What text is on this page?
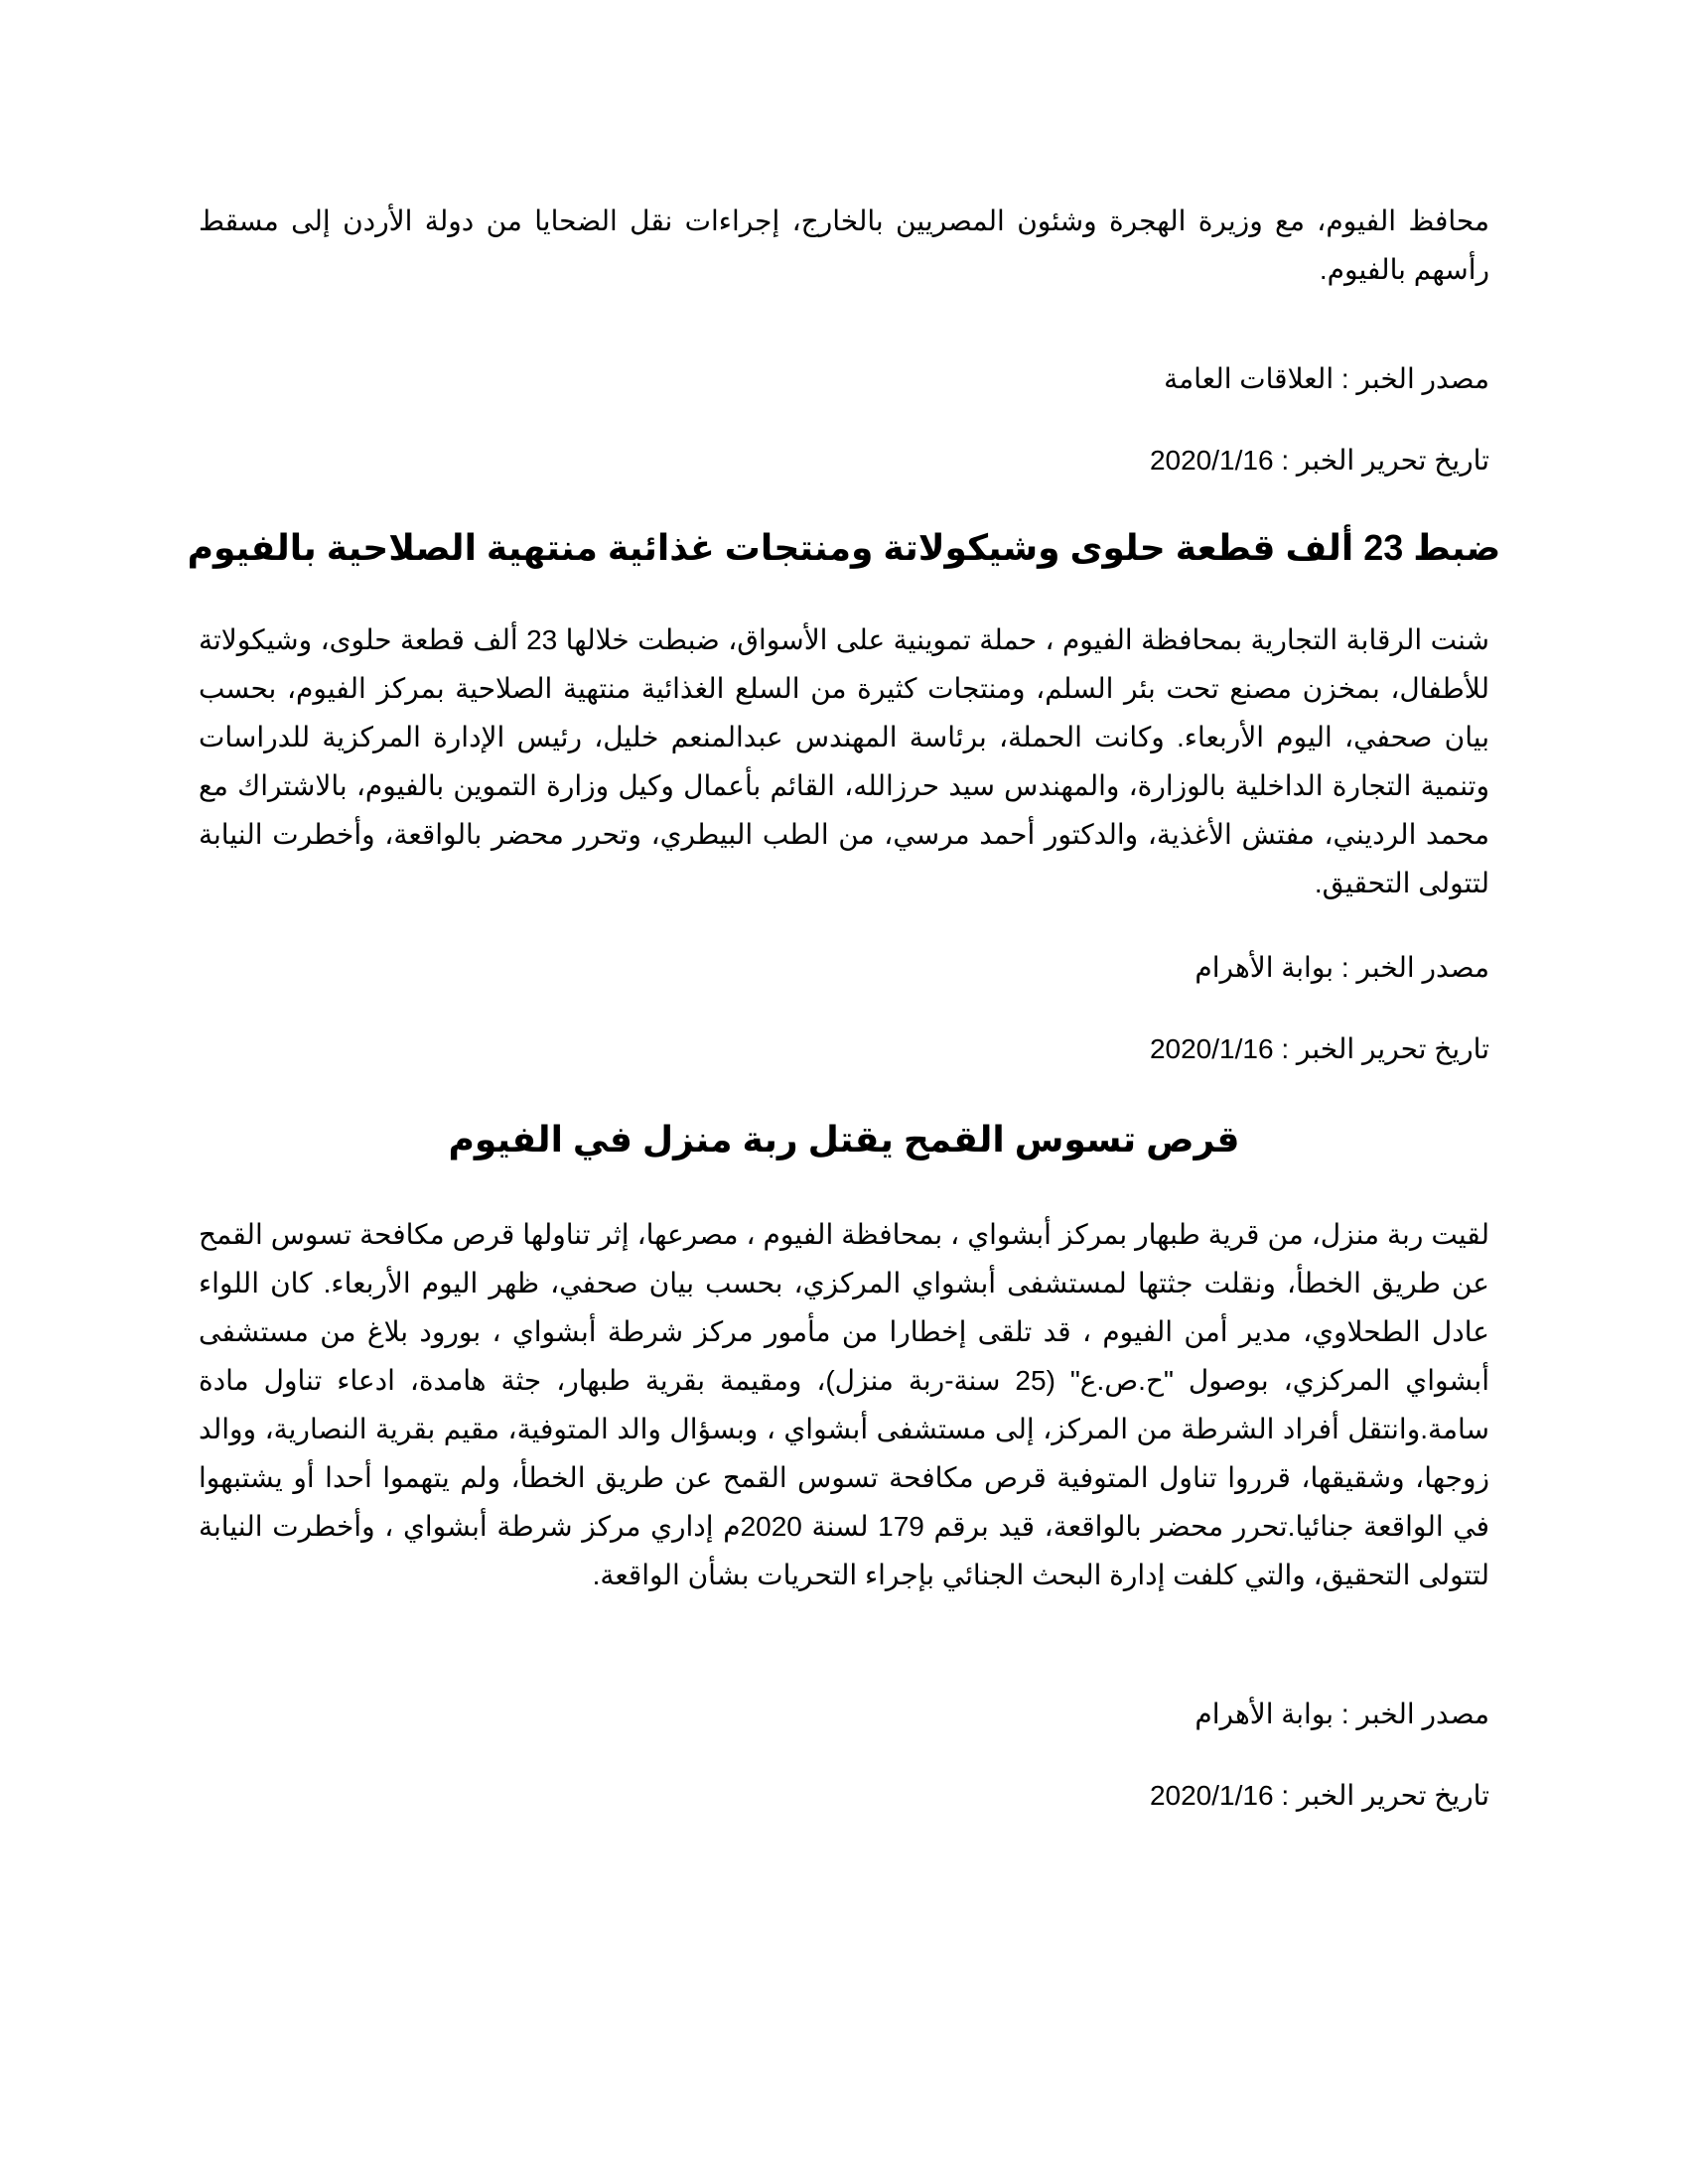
محافظ الفيوم، مع وزيرة الهجرة وشئون المصريين بالخارج، إجراءات نقل الضحايا من دولة الأردن إلى مسقط رأسهم بالفيوم.

مصدر الخبر : العلاقات العامة

تاريخ تحرير الخبر : 2020/1/16

ضبط 23 ألف قطعة حلوى وشيكولاتة ومنتجات غذائية منتهية الصلاحية بالفيوم

شنت الرقابة التجارية بمحافظة الفيوم ، حملة تموينية على الأسواق، ضبطت خلالها 23 ألف قطعة حلوى، وشيكولاتة للأطفال، بمخزن مصنع تحت بئر السلم، ومنتجات كثيرة من السلع الغذائية منتهية الصلاحية بمركز الفيوم، بحسب بيان صحفي، اليوم الأربعاء. وكانت الحملة، برئاسة المهندس عبدالمنعم خليل، رئيس الإدارة المركزية للدراسات وتنمية التجارة الداخلية بالوزارة، والمهندس سيد حرزالله، القائم بأعمال وكيل وزارة التموين بالفيوم، بالاشتراك مع محمد الرديني، مفتش الأغذية، والدكتور أحمد مرسي، من الطب البيطري، وتحرر محضر بالواقعة، وأخطرت النيابة لتتولى التحقيق.

مصدر الخبر : بوابة الأهرام

تاريخ تحرير الخبر : 2020/1/16

قرص تسوس القمح يقتل ربة منزل في الفيوم

لقيت ربة منزل، من قرية طبهار بمركز أبشواي ، بمحافظة الفيوم ، مصرعها، إثر تناولها قرص مكافحة تسوس القمح عن طريق الخطأ، ونقلت جثتها لمستشفى أبشواي المركزي، بحسب بيان صحفي، ظهر اليوم الأربعاء. كان اللواء عادل الطحلاوي، مدير أمن الفيوم ، قد تلقى إخطارا من مأمور مركز شرطة أبشواي ، بورود بلاغ من مستشفى أبشواي المركزي، بوصول "ح.ص.ع" (25 سنة-ربة منزل)، ومقيمة بقرية طبهار، جثة هامدة، ادعاء تناول مادة سامة.وانتقل أفراد الشرطة من المركز، إلى مستشفى أبشواي ، وبسؤال والد المتوفية، مقيم بقرية النصارية، ووالد زوجها، وشقيقها، قرروا تناول المتوفية قرص مكافحة تسوس القمح عن طريق الخطأ، ولم يتهموا أحدا أو يشتبهوا في الواقعة جنائيا.تحرر محضر بالواقعة، قيد برقم 179 لسنة 2020م إداري مركز شرطة أبشواي ، وأخطرت النيابة لتتولى التحقيق، والتي كلفت إدارة البحث الجنائي بإجراء التحريات بشأن الواقعة.

مصدر الخبر : بوابة الأهرام

تاريخ تحرير الخبر : 2020/1/16
